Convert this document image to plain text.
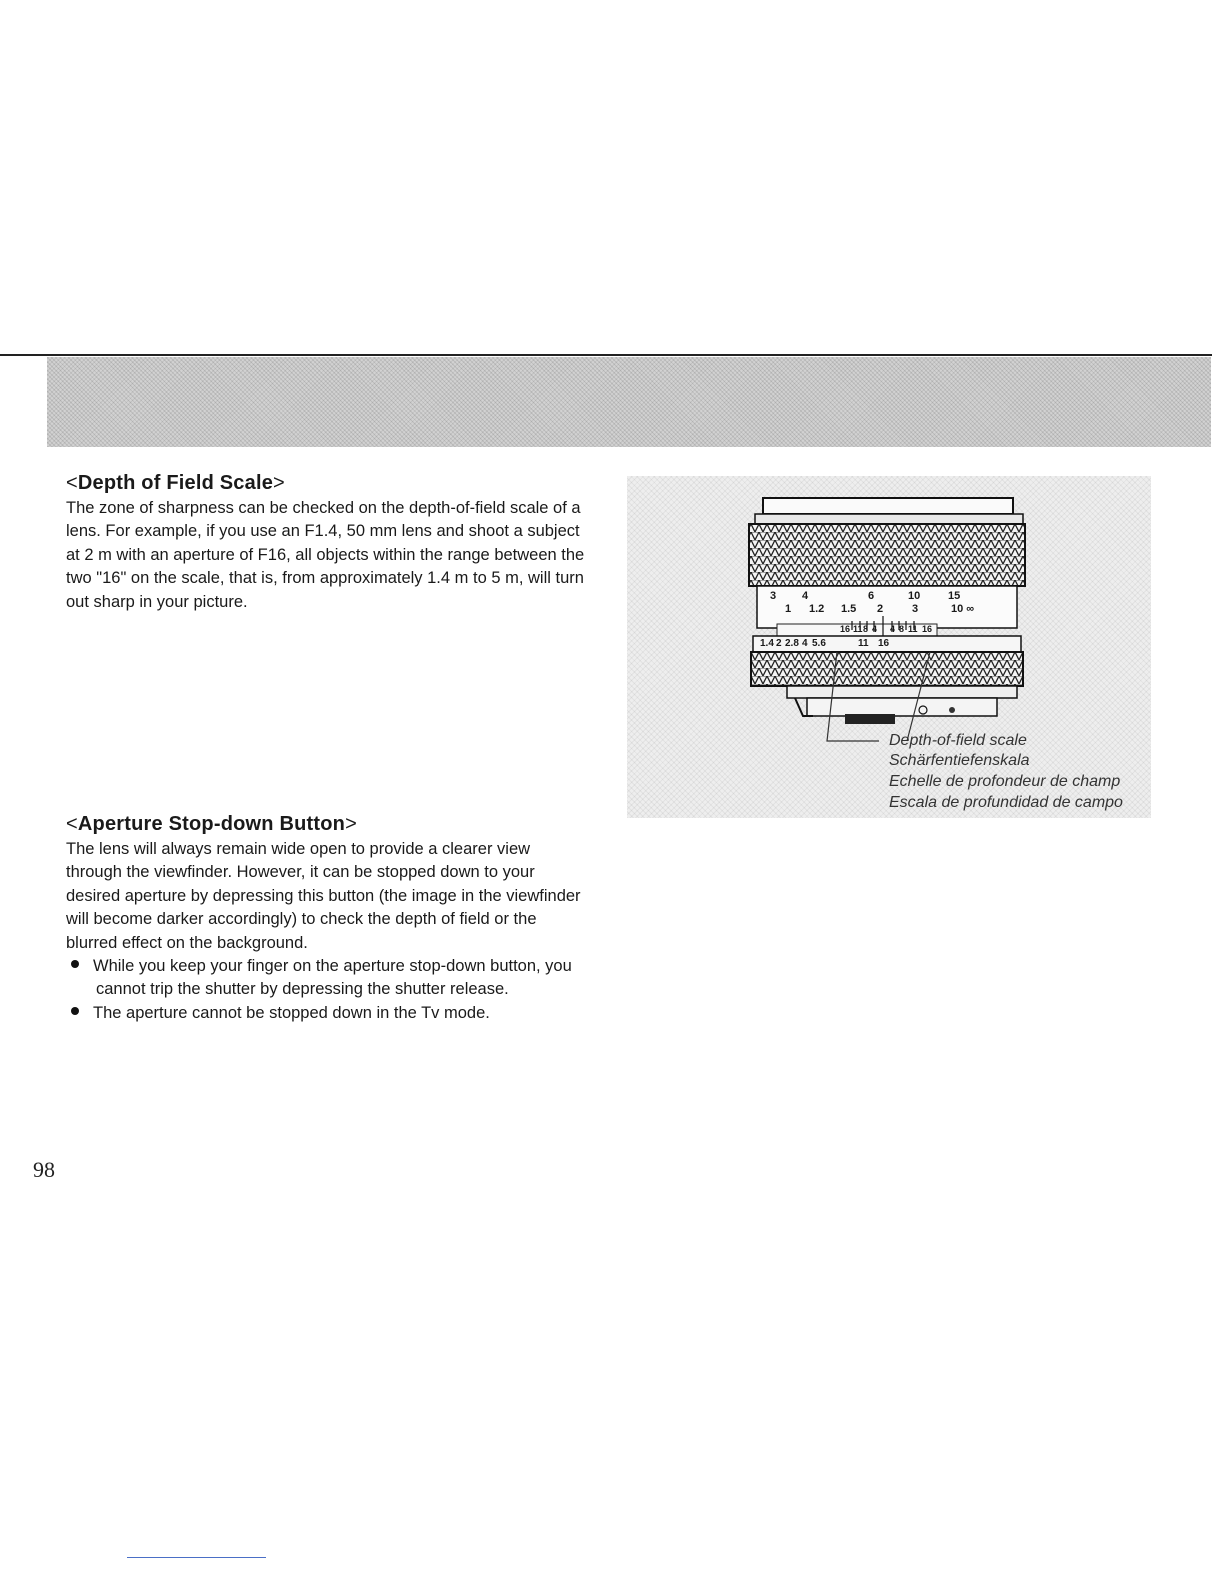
<Depth of Field Scale>

The zone of sharpness can be checked on the depth-of-field scale of a lens. For example, if you use an F1.4, 50 mm lens and shoot a subject at 2 m with an aperture of F16, all objects within the range between the two "16" on the scale, that is, from approximately 1.4 m to 5 m, will turn out sharp in your picture.

<Aperture Stop-down Button>

The lens will always remain wide open to provide a clearer view through the viewfinder. However, it can be stopped down to your desired aperture by depressing this button (the image in the viewfinder will become darker accordingly) to check the depth of field or the blurred effect on the background.

While you keep your finger on the aperture stop-down button, you cannot trip the shutter by depressing the shutter release.
The aperture cannot be stopped down in the Tv mode.
3 4	6	10	15
1 1.2 1.5 2	3	10 ∞
16 11 8 4 4 8 11 16
1.4 2 2.8 4 5.6	11 16
Depth-of-field scale
Schärfentiefenskala
Echelle de profondeur de champ
Escala de profundidad de campo
98
